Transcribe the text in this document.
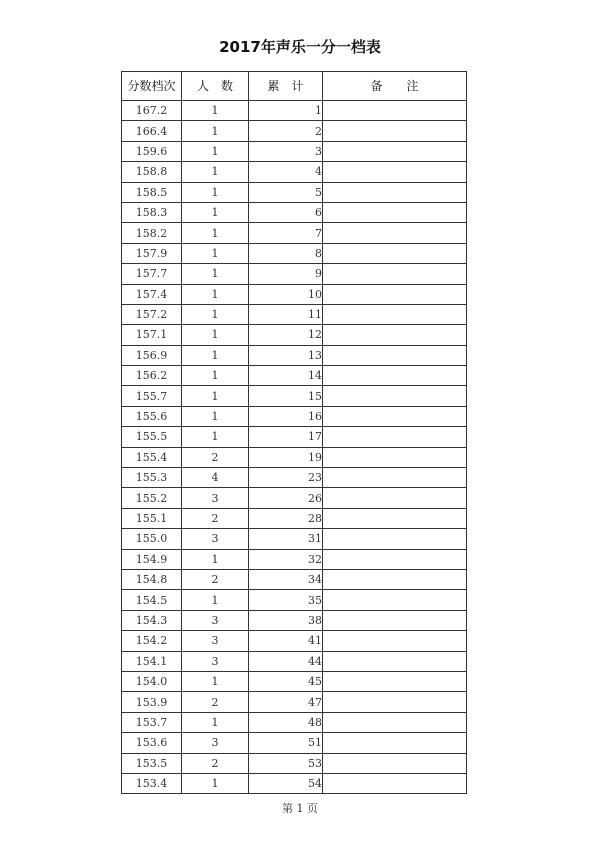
2017年声乐一分一档表
分数档次	人　数	累　计	备　　注
167.2	1	1	
166.4	1	2	
159.6	1	3	
158.8	1	4	
158.5	1	5	
158.3	1	6	
158.2	1	7	
157.9	1	8	
157.7	1	9	
157.4	1	10	
157.2	1	11	
157.1	1	12	
156.9	1	13	
156.2	1	14	
155.7	1	15	
155.6	1	16	
155.5	1	17	
155.4	2	19	
155.3	4	23	
155.2	3	26	
155.1	2	28	
155.0	3	31	
154.9	1	32	
154.8	2	34	
154.5	1	35	
154.3	3	38	
154.2	3	41	
154.1	3	44	
154.0	1	45	
153.9	2	47	
153.7	1	48	
153.6	3	51	
153.5	2	53	
153.4	1	54	
第 1 页
